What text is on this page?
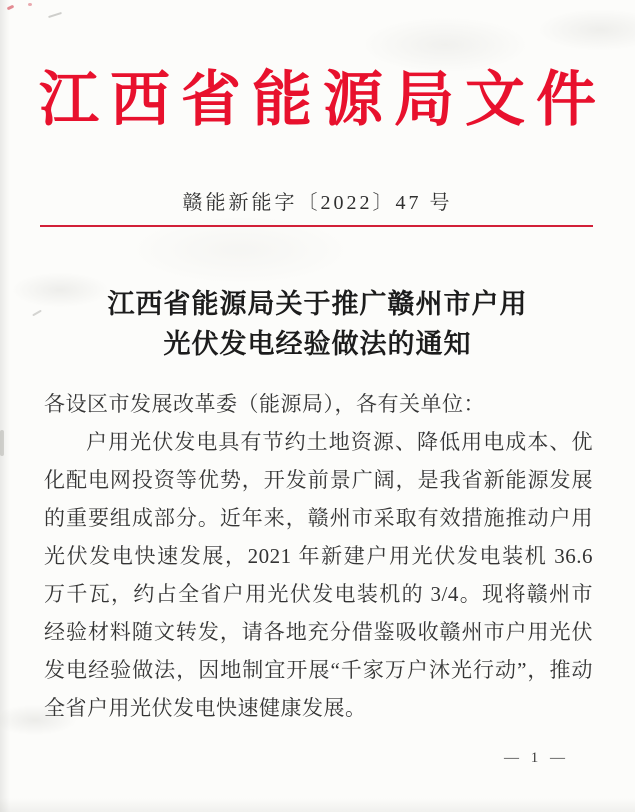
江西省能源局文件
赣能新能字〔2022〕47 号
江西省能源局关于推广赣州市户用
光伏发电经验做法的通知

各设区市发展改革委（能源局），各有关单位：

户用光伏发电具有节约土地资源、降低用电成本、优化配电网投资等优势，开发前景广阔，是我省新能源发展的重要组成部分。近年来，赣州市采取有效措施推动户用光伏发电快速发展，2021 年新建户用光伏发电装机 36.6 万千瓦，约占全省户用光伏发电装机的 3/4。现将赣州市经验材料随文转发，请各地充分借鉴吸收赣州市户用光伏发电经验做法，因地制宜开展“千家万户沐光行动”，推动全省户用光伏发电快速健康发展。

— 1 —
